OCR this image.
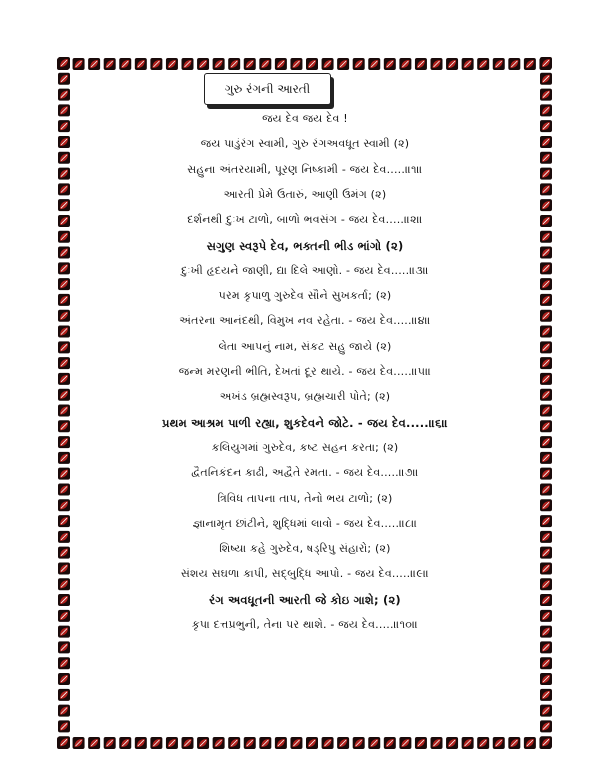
ગુરુ રંગની આરતી
જય દેવ જય દેવ !
જય પાડુંરંગ સ્વામી, ગુરુ રંગઅવધૂત સ્વામી (૨)
સહુના અંતરયામી, પૂરણ નિષ્કામી - જય દેવ.....॥૧॥
આરતી પ્રેમે ઉતારું, આણી ઉમંગ (૨)
દર્શનથી દુઃખ ટાળો, બાળો ભવસંગ - જય દેવ.....॥૨॥
સગુણ સ્વરૂપે દેવ, ભક્તની ભીડ ભાંગો (૨)
દુઃખી હૃદયને જાણી, દ્યા દિલે આણો. - જય દેવ.....॥૩॥
પરમ કૃપાળુ ગુરુદેવ સૌને સુખકર્તા; (૨)
અંતરના આનંદથી, વિમુખ નવ રહેતા. - જય દેવ.....॥૪॥
લેતા આપનું નામ, સંકટ સહુ જાયે (૨)
જન્મ મરણની ભીતિ, દેખતાં દૂર થાયે. - જય દેવ.....॥૫॥
અખંડ બ્રહ્મસ્વરૂપ, બ્રહ્મચારી પોતે; (૨)
પ્રથમ આશ્રમ પાળી રહ્યા, શુકદેવને જોટે. - જય દેવ.....॥૬॥
કલિયુગમાં ગુરુદેવ, કષ્ટ સહન કરતા; (૨)
દ્વૈતનિકંદન કાઢી, અદ્વૈતે રમતા. - જય દેવ.....॥૭॥
ત્રિવિધ તાપના તાપ, તેનો ભય ટાળો; (૨)
જ્ઞાનામૃત છાંટીને, શુદ્ધિમાં લાવો - જય દેવ.....॥૮॥
શિષ્યા કહે ગુરુદેવ, ષડ્‌રિપુ સંહારો; (૨)
સંશય સઘળા કાપી, સદ્‌બુદ્ધિ આપો. - જય દેવ.....॥૯॥
રંગ અવધૂતની આરતી જે કોઇ ગાશે; (૨)
કૃપા દત્તપ્રભુની, તેના પર થાશે. - જય દેવ.....॥૧૦॥
